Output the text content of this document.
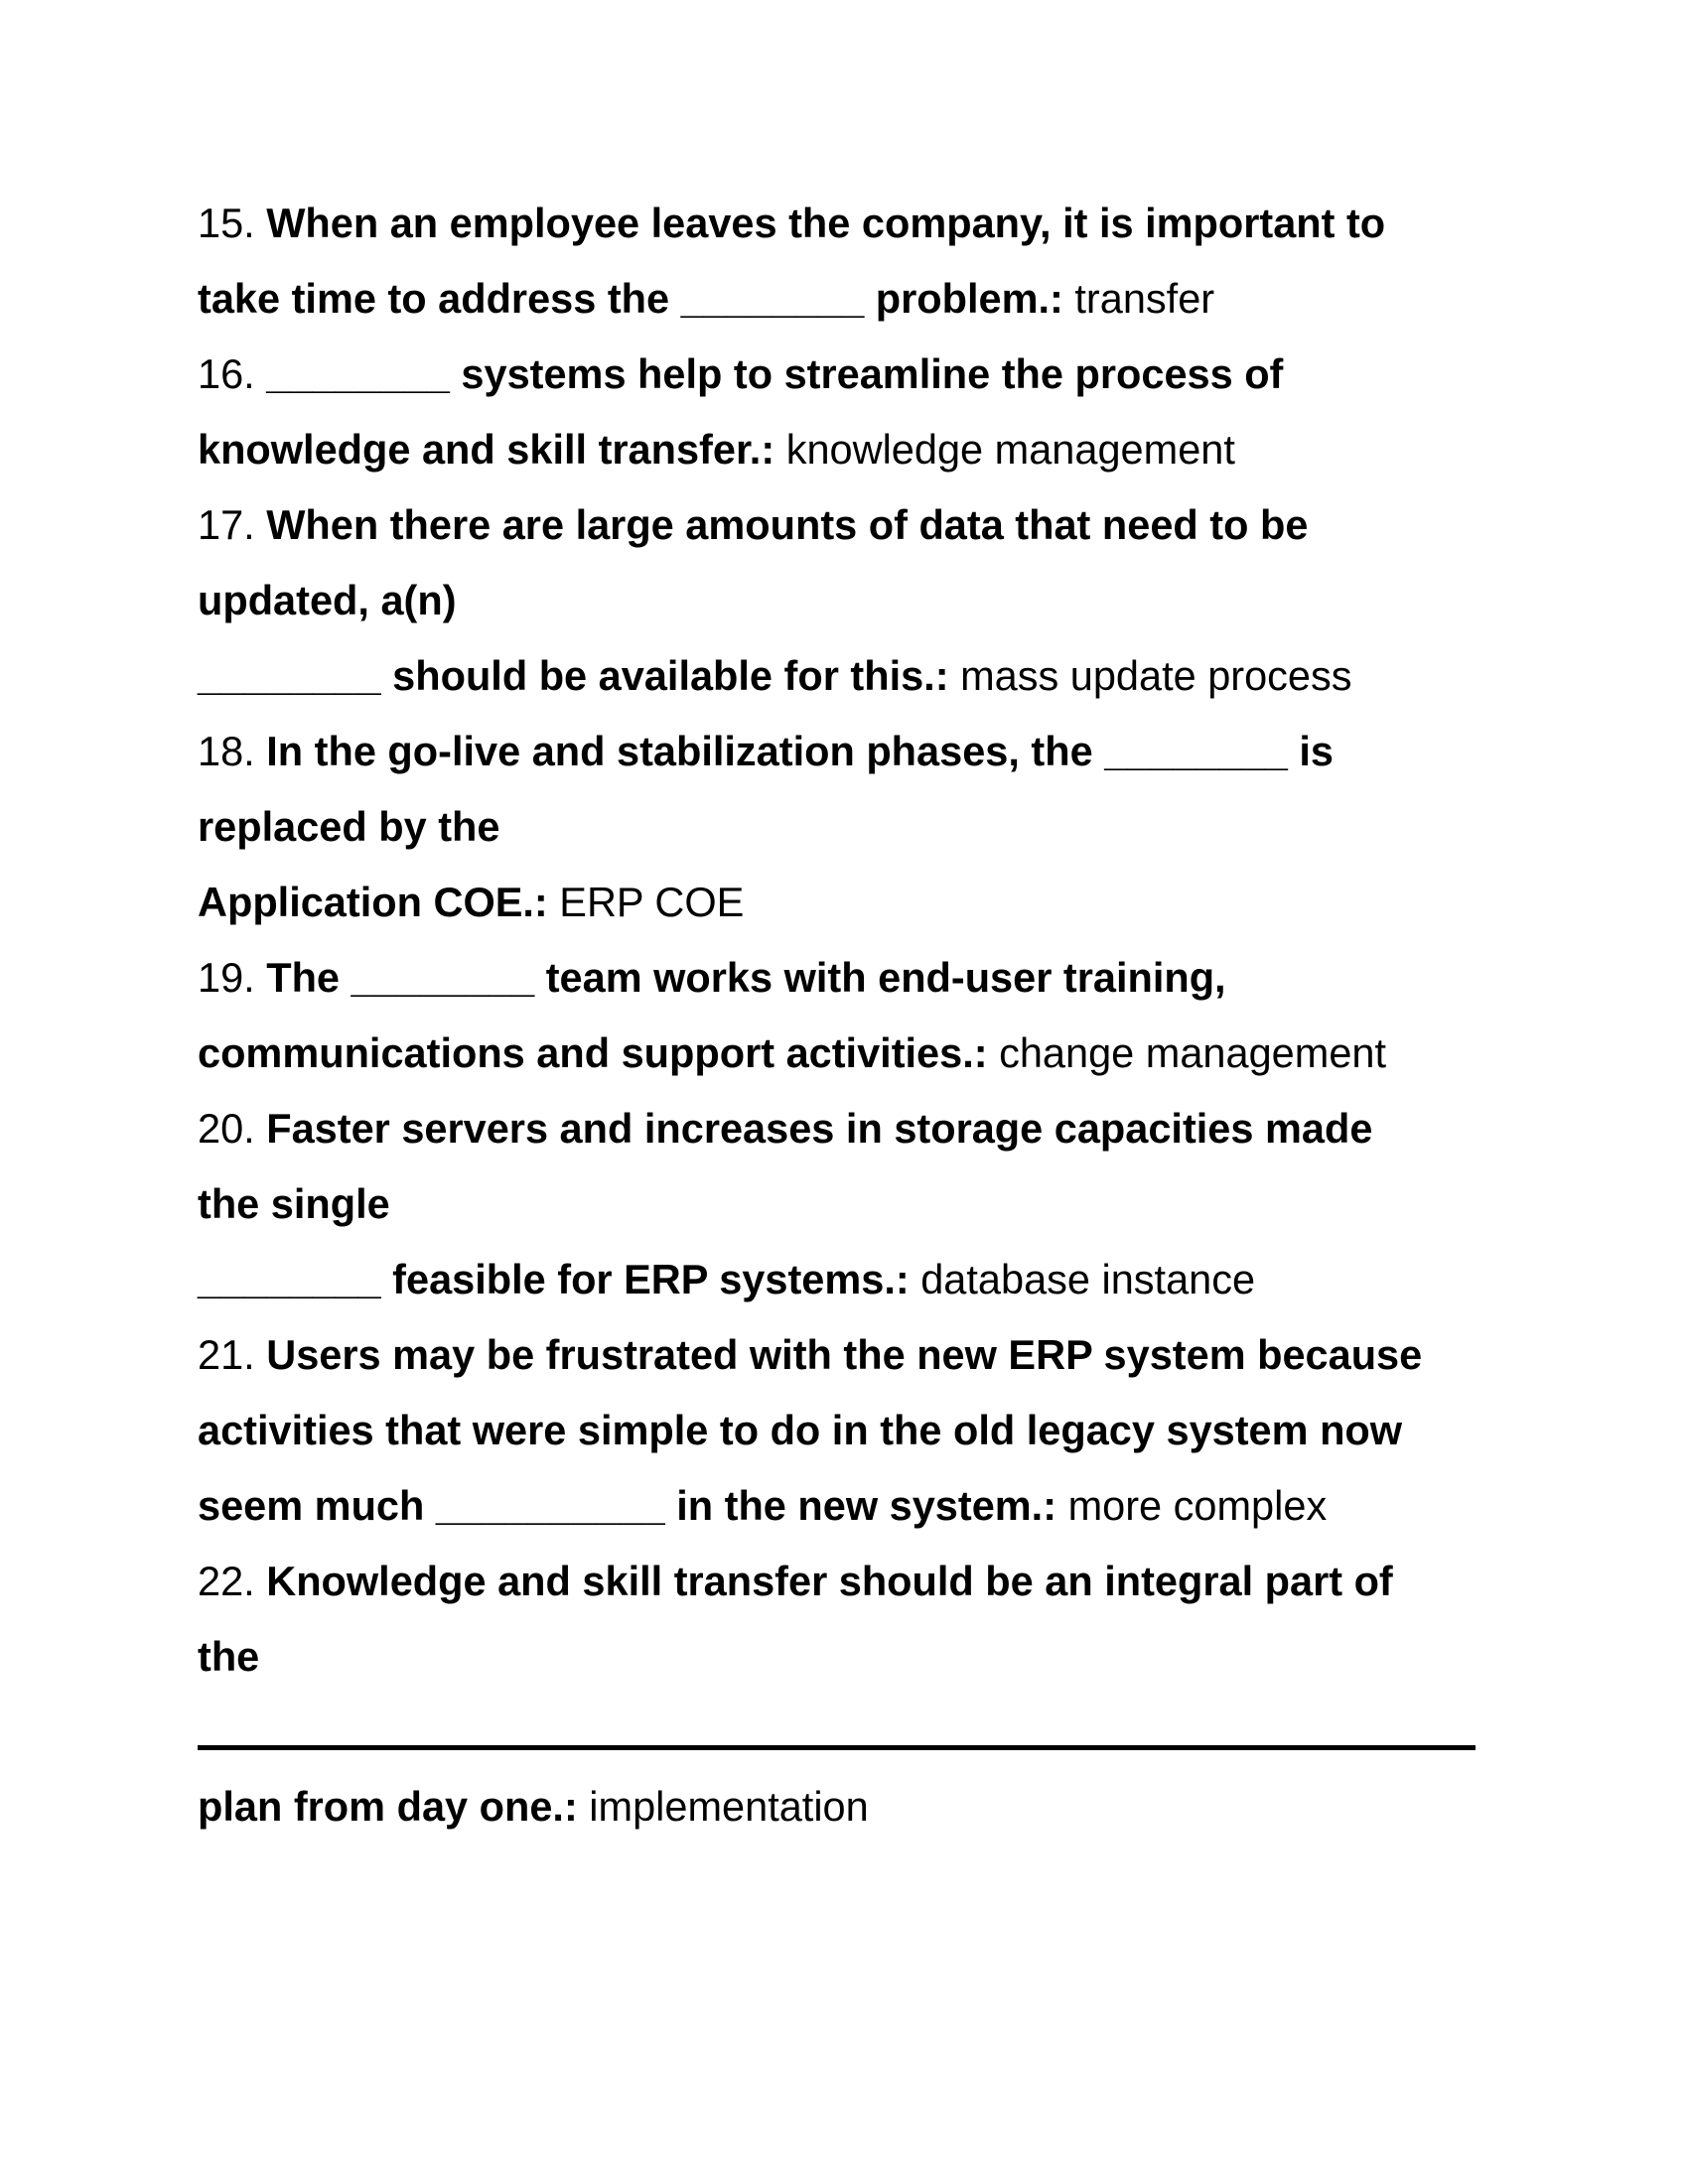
15. When an employee leaves the company, it is important to
take time to address the ________ problem.: transfer
16. ________ systems help to streamline the process of
knowledge and skill transfer.: knowledge management
17. When there are large amounts of data that need to be
updated, a(n)
________ should be available for this.: mass update process
18. In the go-live and stabilization phases, the ________ is
replaced by the
Application COE.: ERP COE
19. The ________ team works with end-user training,
communications and support activities.: change management
20. Faster servers and increases in storage capacities made
the single
________ feasible for ERP systems.: database instance
21. Users may be frustrated with the new ERP system because
activities that were simple to do in the old legacy system now
seem much __________ in the new system.: more complex
22. Knowledge and skill transfer should be an integral part of
the
plan from day one.: implementation
